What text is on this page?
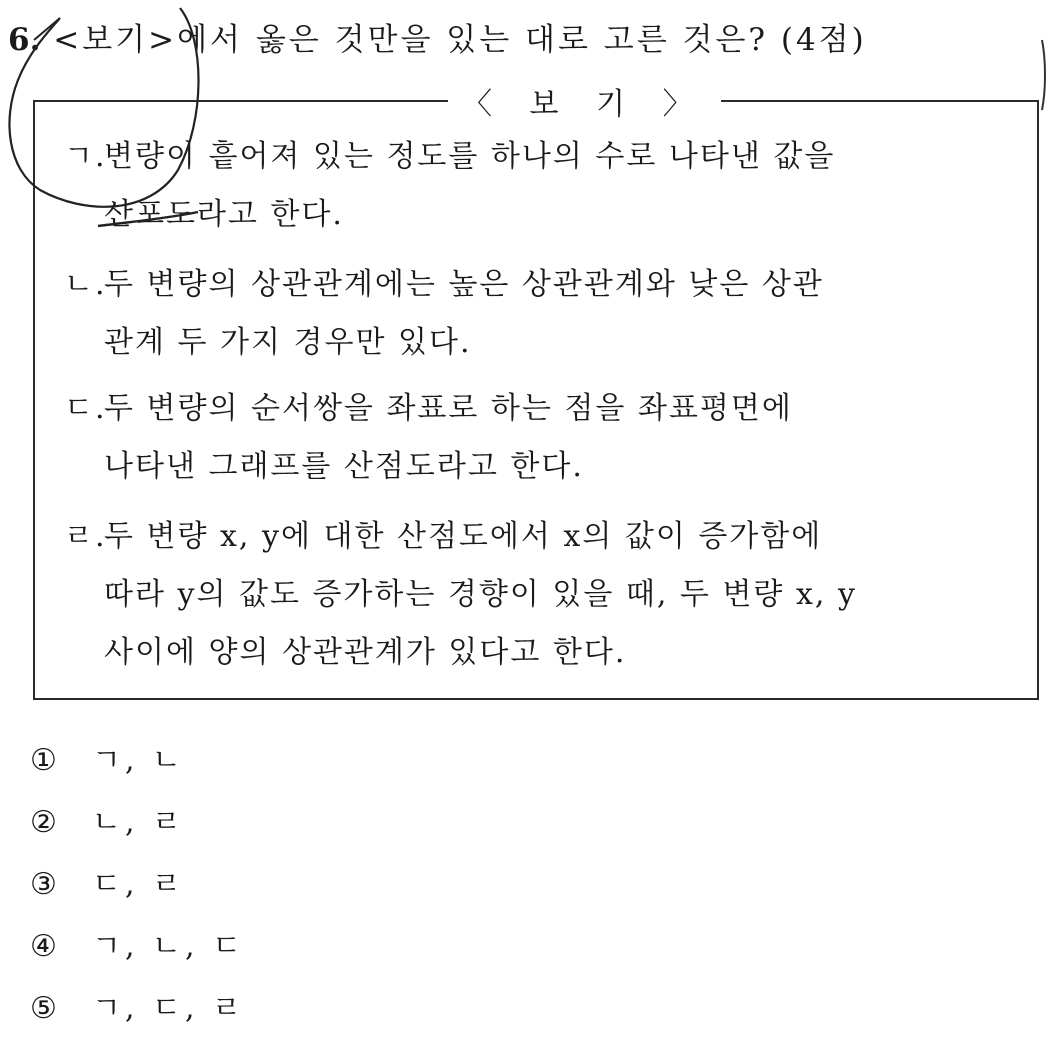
6. <보기>에서 옳은 것만을 있는 대로 고른 것은? (4점)
〈 보 기 〉
ㄱ.변량이 흩어져 있는 정도를 하나의 수로 나타낸 값을
산포도라고 한다.
ㄴ.두 변량의 상관관계에는 높은 상관관계와 낮은 상관
관계 두 가지 경우만 있다.
ㄷ.두 변량의 순서쌍을 좌표로 하는 점을 좌표평면에
나타낸 그래프를 산점도라고 한다.
ㄹ.두 변량 x, y에 대한 산점도에서 x의 값이 증가함에
따라 y의 값도 증가하는 경향이 있을 때, 두 변량 x, y
사이에 양의 상관관계가 있다고 한다.
① ㄱ, ㄴ
② ㄴ, ㄹ
③ ㄷ, ㄹ
④ ㄱ, ㄴ, ㄷ
⑤ ㄱ, ㄷ, ㄹ
